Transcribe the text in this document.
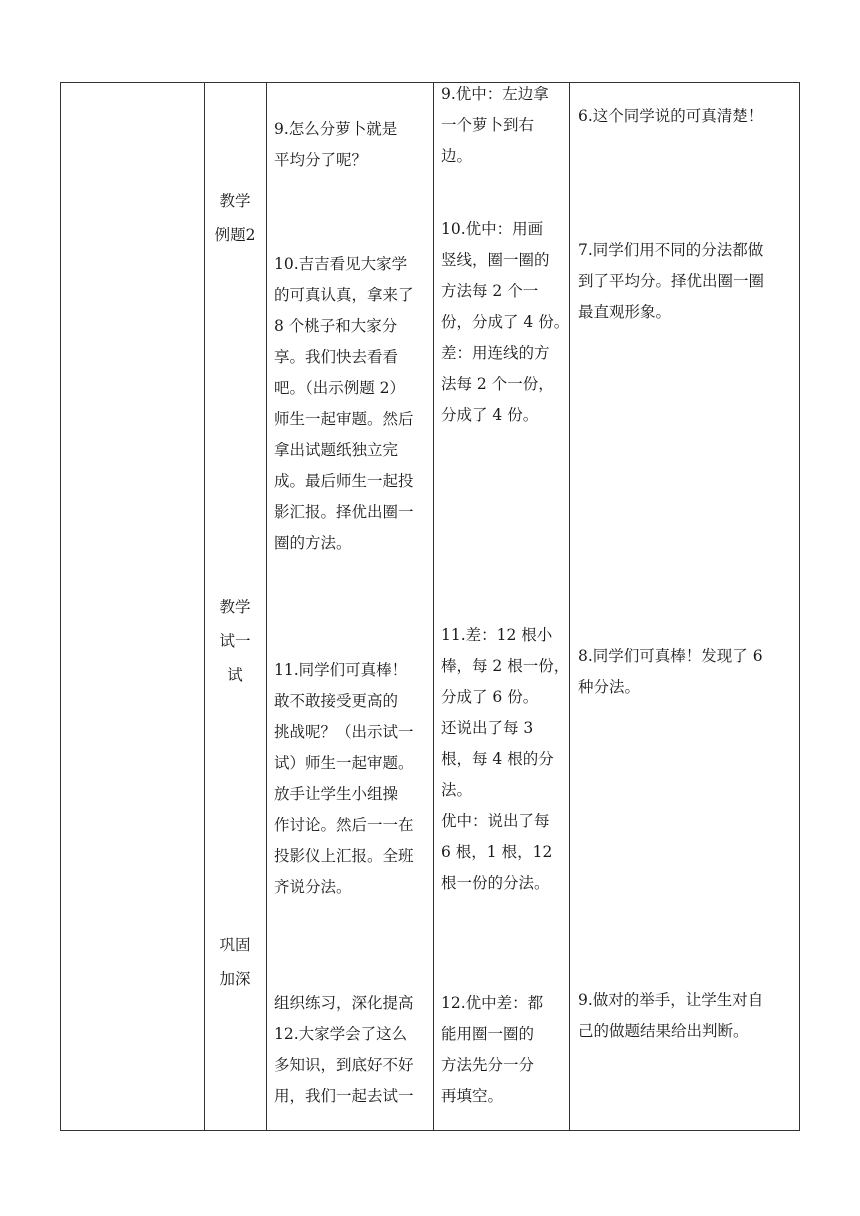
教学
例题2
教学
试一
试
巩固
加深
9.怎么分萝卜就是
平均分了呢？
10.吉吉看见大家学
的可真认真，拿来了
8 个桃子和大家分
享。我们快去看看
吧。（出示例题 2）
师生一起审题。然后
拿出试题纸独立完
成。最后师生一起投
影汇报。择优出圈一
圈的方法。
11.同学们可真棒！
敢不敢接受更高的
挑战呢？（出示试一
试）师生一起审题。
放手让学生小组操
作讨论。然后一一在
投影仪上汇报。全班
齐说分法。
组织练习，深化提高
12.大家学会了这么
多知识，到底好不好
用，我们一起去试一
9.优中：左边拿
一个萝卜到右
边。
10.优中：用画
竖线，圈一圈的
方法每 2 个一
份，分成了 4 份。
差：用连线的方
法每 2 个一份，
分成了 4 份。
11.差：12 根小
棒，每 2 根一份，
分成了 6 份。
还说出了每 3
根，每 4 根的分
法。
优中：说出了每
6 根，1 根，12
根一份的分法。
12.优中差：都
能用圈一圈的
方法先分一分
再填空。
6.这个同学说的可真清楚！
7.同学们用不同的分法都做
到了平均分。择优出圈一圈
最直观形象。
8.同学们可真棒！发现了 6
种分法。
9.做对的举手，让学生对自
己的做题结果给出判断。
